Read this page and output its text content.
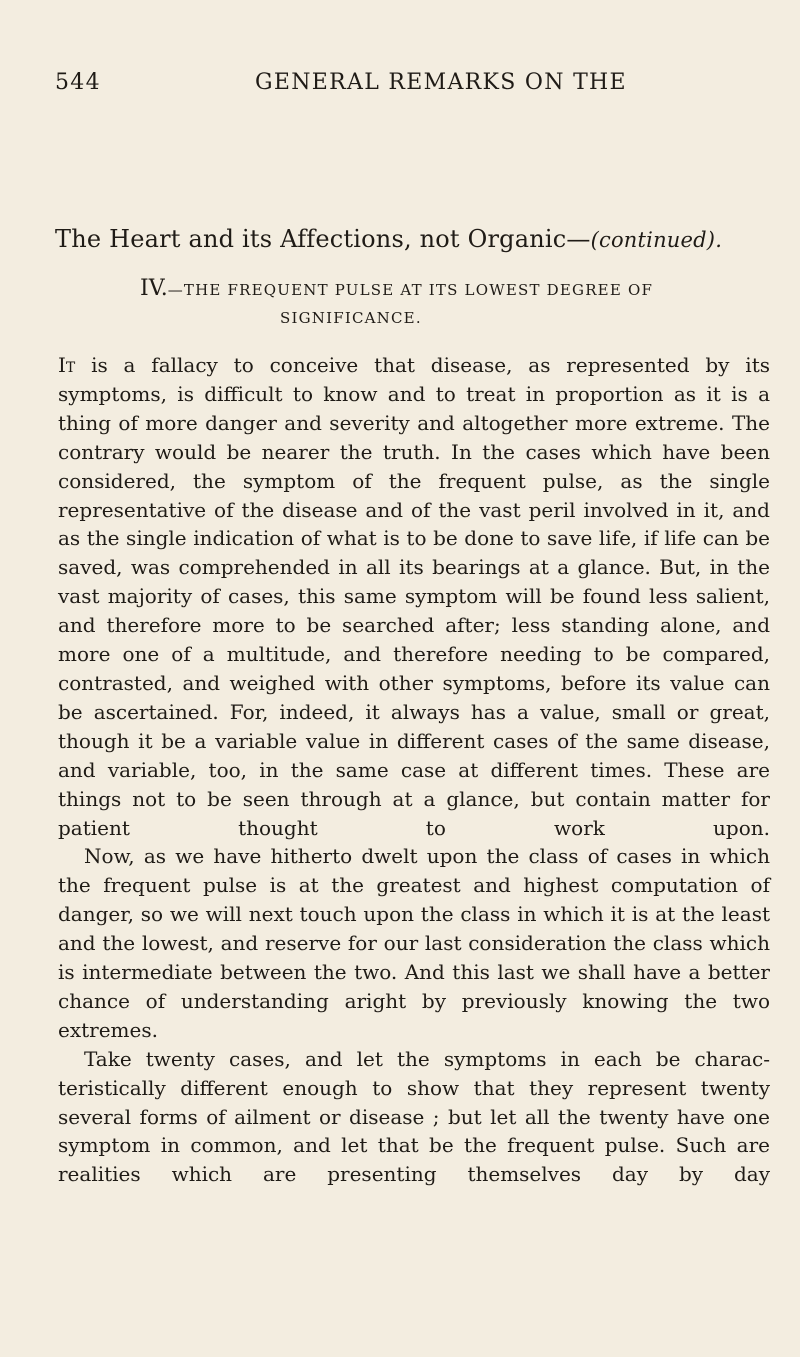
544	GENERAL REMARKS ON THE
The Heart and its Affections, not Organic—(continued).
IV.—THE FREQUENT PULSE AT ITS LOWEST DEGREE OF
SIGNIFICANCE.

It is a fallacy to conceive that disease, as represented by its symptoms, is difficult to know and to treat in proportion as it is a thing of more danger and severity and altogether more extreme. The contrary would be nearer the truth. In the cases which have been considered, the symptom of the frequent pulse, as the single representative of the disease and of the vast peril involved in it, and as the single indication of what is to be done to save life, if life can be saved, was comprehended in all its bearings at a glance. But, in the vast majority of cases, this same symptom will be found less salient, and therefore more to be searched after; less standing alone, and more one of a multitude, and therefore needing to be compared, contrasted, and weighed with other symptoms, before its value can be ascertained. For, indeed, it always has a value, small or great, though it be a variable value in different cases of the same disease, and variable, too, in the same case at different times. These are things not to be seen through at a glance, but contain matter for patient thought to work upon.

Now, as we have hitherto dwelt upon the class of cases in which the frequent pulse is at the greatest and highest computation of danger, so we will next touch upon the class in which it is at the least and the lowest, and reserve for our last consideration the class which is intermediate between the two. And this last we shall have a better chance of understanding aright by previously knowing the two extremes.

Take twenty cases, and let the symptoms in each be characteristically different enough to show that they represent twenty several forms of ailment or disease ; but let all the twenty have one symptom in common, and let that be the frequent pulse. Such are realities which are presenting themselves day by day
